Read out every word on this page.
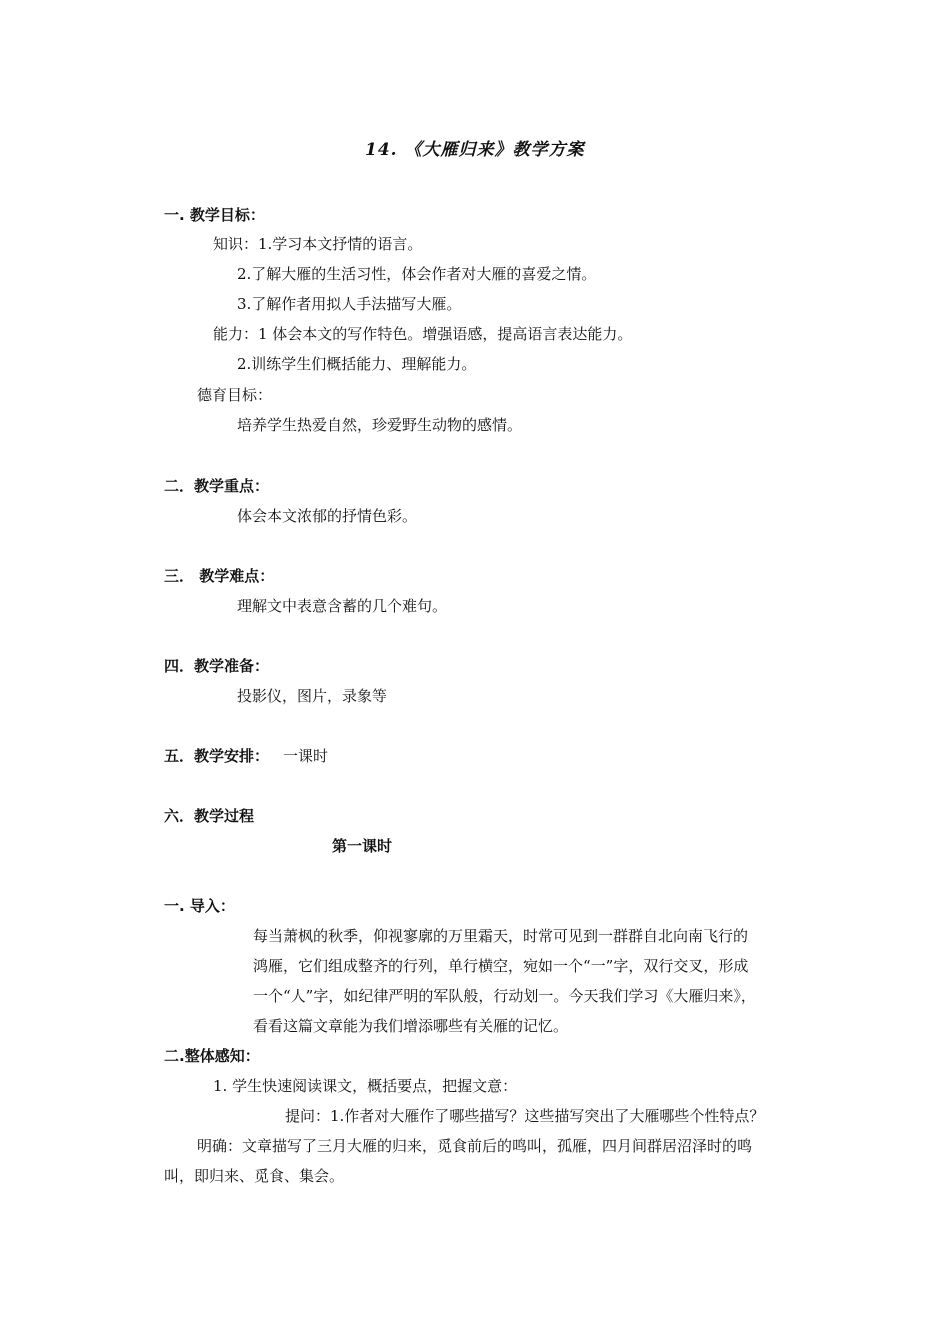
14. 《大雁归来》教学方案
一. 教学目标：
知识：1.学习本文抒情的语言。
2.了解大雁的生活习性，体会作者对大雁的喜爱之情。
3.了解作者用拟人手法描写大雁。
能力：1 体会本文的写作特色。增强语感，提高语言表达能力。
2.训练学生们概括能力、理解能力。
德育目标：
培养学生热爱自然，珍爱野生动物的感情。
二．教学重点：
体会本文浓郁的抒情色彩。
三． 教学难点：
理解文中表意含蓄的几个难句。
四．教学准备：
投影仪，图片，录象等
五．教学安排： 一课时
六．教学过程
第一课时
一. 导入：
每当萧枫的秋季，仰视寥廓的万里霜天，时常可见到一群群自北向南飞行的
鸿雁，它们组成整齐的行列，单行横空，宛如一个“一”字，双行交叉，形成
一个“人”字，如纪律严明的军队般，行动划一。今天我们学习《大雁归来》，
看看这篇文章能为我们增添哪些有关雁的记忆。
二.整体感知：
1. 学生快速阅读课文，概括要点，把握文意：
提问：1.作者对大雁作了哪些描写？这些描写突出了大雁哪些个性特点？
明确：文章描写了三月大雁的归来，觅食前后的鸣叫，孤雁，四月间群居沼泽时的鸣
叫，即归来、觅食、集会。
